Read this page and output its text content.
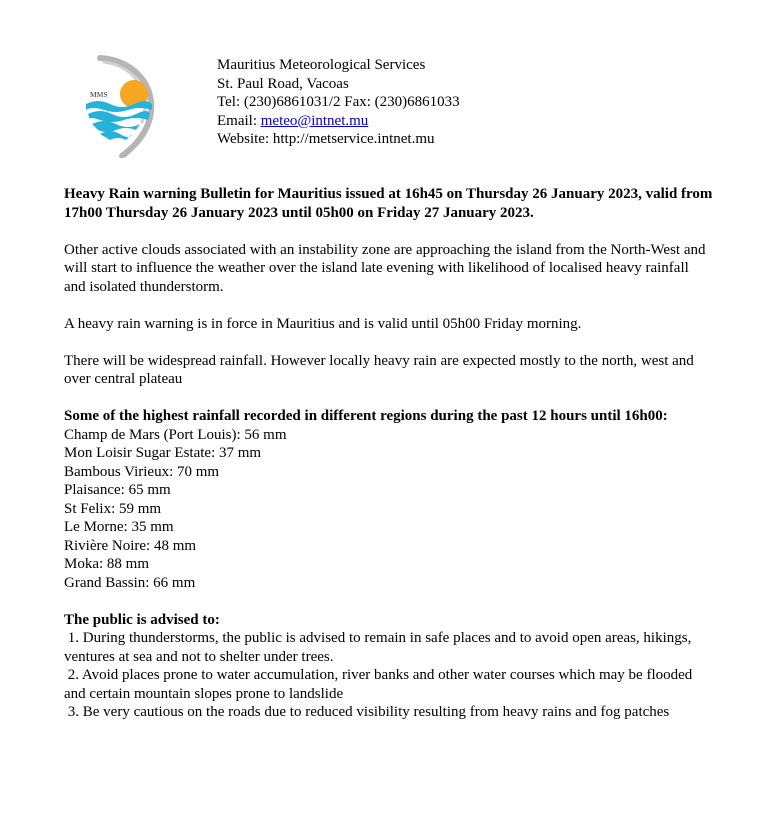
MMS
Mauritius Meteorological Services
St. Paul Road, Vacoas
Tel: (230)6861031/2 Fax: (230)6861033
Email: meteo@intnet.mu
Website: http://metservice.intnet.mu

Heavy Rain warning Bulletin for Mauritius issued at 16h45 on Thursday 26 January 2023, valid from 17h00 Thursday 26 January 2023 until 05h00 on Friday 27 January 2023.

Other active clouds associated with an instability zone are approaching the island from the North-West and will start to influence the weather over the island late evening with likelihood of localised heavy rainfall and isolated thunderstorm.

A heavy rain warning is in force in Mauritius and is valid until 05h00 Friday morning.

There will be widespread rainfall. However locally heavy rain are expected mostly to the north, west and over central plateau

Some of the highest rainfall recorded in different regions during the past 12 hours until 16h00:

Champ de Mars (Port Louis): 56 mm
Mon Loisir Sugar Estate: 37 mm
Bambous Virieux: 70 mm
Plaisance: 65 mm
St Felix: 59 mm
Le Morne: 35 mm
Rivière Noire: 48 mm
Moka: 88 mm
Grand Bassin: 66 mm

The public is advised to:

1. During thunderstorms, the public is advised to remain in safe places and to avoid open areas, hikings, ventures at sea and not to shelter under trees.
2. Avoid places prone to water accumulation, river banks and other water courses which may be flooded and certain mountain slopes prone to landslide
3. Be very cautious on the roads due to reduced visibility resulting from heavy rains and fog patches
